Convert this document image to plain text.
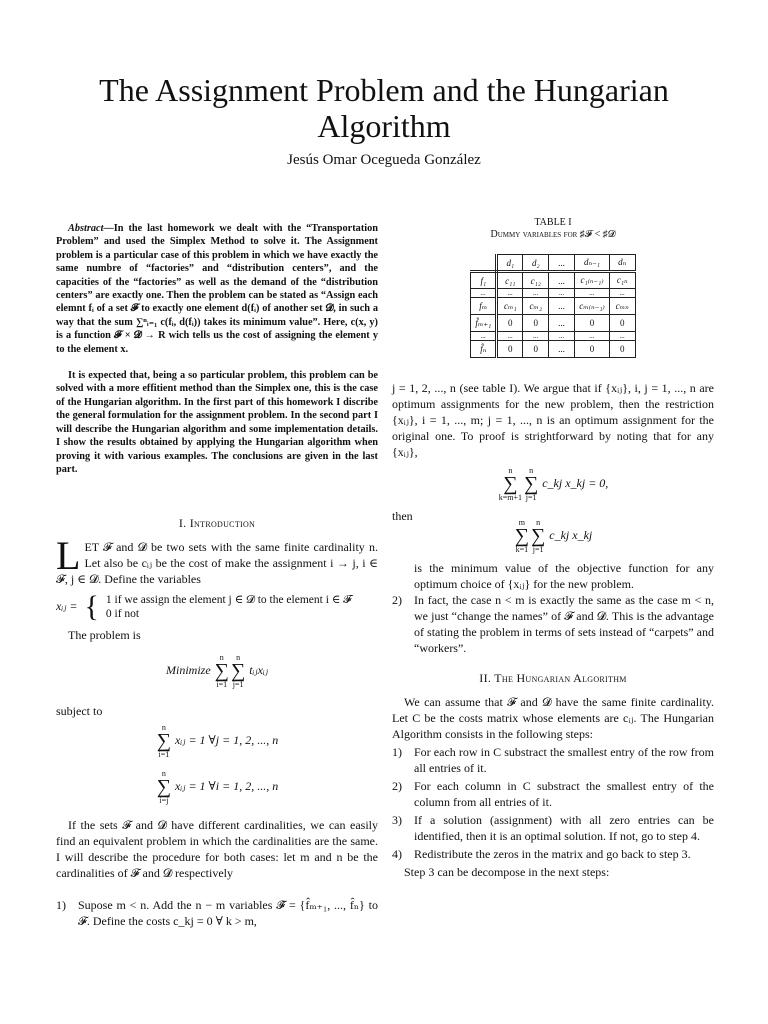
The Assignment Problem and the Hungarian
Algorithm
Jesús Omar Ocegueda González

Abstract—In the last homework we dealt with the “Transportation Problem” and used the Simplex Method to solve it. The Assignment problem is a particular case of this problem in which we have exactly the same numbre of “factories” and “distribution centers”, and the capacities of the “factories” as well as the demand of the “distribution centers” are exactly one. Then the problem can be stated as “Assign each elemnt fᵢ of a set 𝓕 to exactly one element d(fᵢ) of another set 𝓓, in such a way that the sum ∑ⁿᵢ₌₁ c(fᵢ, d(fᵢ)) takes its minimum value”. Here, c(x, y) is a function 𝓕 × 𝓓 → R wich tells us the cost of assigning the element y to the element x.

It is expected that, being a so particular problem, this problem can be solved with a more effitient method than the Simplex one, this is the case of the Hungarian algorithm. In the first part of this homework I discribe the general formulation for the assignment problem. In the second part I will describe the Hungarian algorithm and some implementation details. I show the results obtained by applying the Hungarian algorithm when proving it with various examples. The conclusions are given in the last part.

I. Introduction

LET 𝓕 and 𝓓 be two sets with the same finite cardinality n. Let also be cᵢⱼ be the cost of make the assignment i → j, i ∈ 𝓕, j ∈ 𝓓. Define the variables

xᵢⱼ = { 1 if we assign the element j ∈ 𝓓 to the element i ∈ 𝓕
0 if not

The problem is

Minimize
n
∑
i=1
n
∑
j=1
tᵢⱼxᵢⱼ

subject to

n
∑
i=1
xᵢⱼ = 1 ∀j = 1, 2, ..., n
n
∑
i=j
xᵢⱼ = 1 ∀i = 1, 2, ..., n

If the sets 𝓕 and 𝓓 have different cardinalities, we can easily find an equivalent problem in which the cardinalities are the same. I will describe the procedure for both cases: let m and n be the cardinalities of 𝓕 and 𝓓 respectively

1) Supose m < n. Add the n − m variables 𝓕̂ = {f̂ₘ₊₁, ..., f̂ₙ} to 𝓕. Define the costs c_kj = 0 ∀ k > m,
TABLE I
Dummy variables for ♯𝓕 < ♯𝓓
	d₁	d₂	...	dₙ₋₁	dₙ
f₁	c₁₁	c₁₂	...	c₁₍ₙ₋₁₎	c₁ₙ
...	...	...	...	...	...
fₘ	cₘ₁	cₘ₂	...	cₘ₍ₙ₋₁₎	cₘₙ
f̂ₘ₊₁	0	0	...	0	0
...	...	...	...	...	...
f̂ₙ	0	0	...	0	0

j = 1, 2, ..., n (see table I). We argue that if {xᵢⱼ}, i, j = 1, ..., n are optimum assignments for the new problem, then the restriction {xᵢⱼ}, i = 1, ..., m; j = 1, ..., n is an optimum assignment for the original one. To proof is strightforward by noting that for any {xᵢⱼ},

n
∑
k=m+1
n
∑
j=1
c_kj x_kj = 0,

then	m
∑
k=1
n
∑
j=1
c_kj x_kj

is the minimum value of the objective function for any optimum choice of {xᵢⱼ} for the new problem.

2) In fact, the case n < m is exactly the same as the case m < n, we just “change the names” of 𝓕 and 𝓓. This is the advantage of stating the problem in terms of sets instead of “carpets” and “workers”.
II. The Hungarian Algorithm

We can assume that 𝓕 and 𝓓 have the same finite cardinality. Let C be the costs matrix whose elements are cᵢⱼ. The Hungarian Algorithm consists in the following steps:

1) For each row in C substract the smallest entry of the row from all entries of it.
2) For each column in C substract the smallest entry of the column from all entries of it.
3) If a solution (assignment) with all zero entries can be identified, then it is an optimal solution. If not, go to step 4.
4) Redistribute the zeros in the matrix and go back to step 3.

Step 3 can be decompose in the next steps:
